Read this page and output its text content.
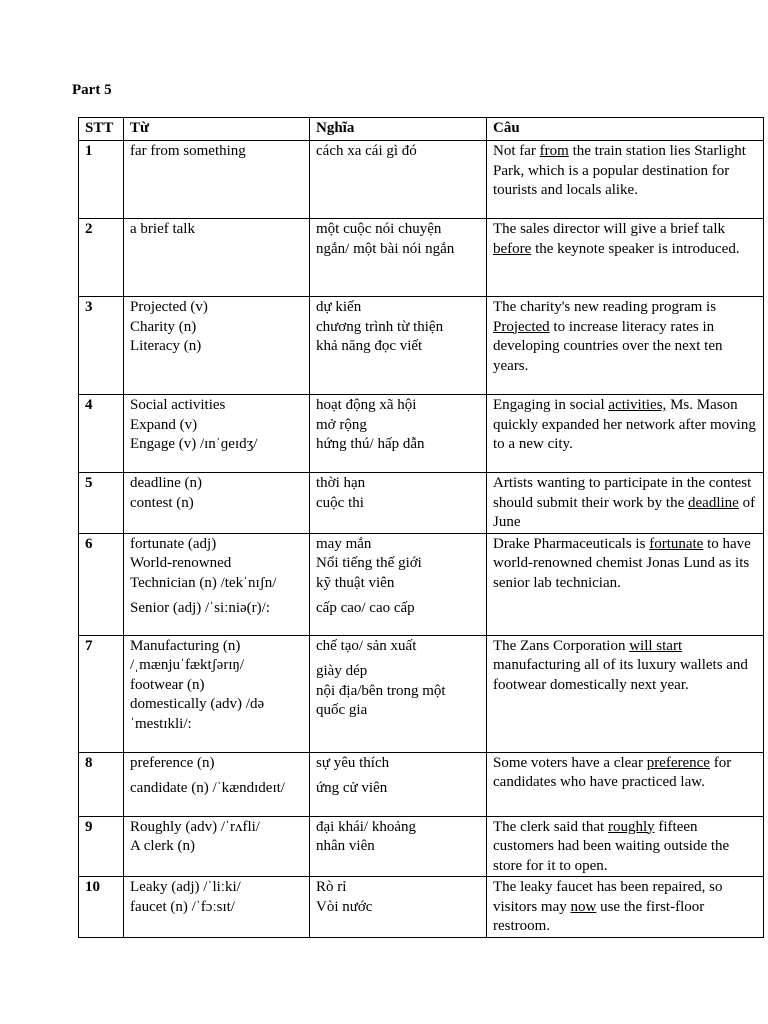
Part 5
STT	Từ	Nghĩa	Câu
1	far from something	cách xa cái gì đó	Not far from the train station lies Starlight Park, which is a popular destination for tourists and locals alike.
2	a brief talk	một cuộc nói chuyện
ngắn/ một bài nói ngắn	The sales director will give a brief talk before the keynote speaker is introduced.
3	Projected (v)
Charity (n)
Literacy (n)	dự kiến
chương trình từ thiện
khả năng đọc viết	The charity's new reading program is Projected to increase literacy rates in developing countries over the next ten years.
4	Social activities
Expand (v)
Engage (v) /ɪnˈɡeɪdʒ/	hoạt động xã hội
mở rộng
hứng thú/ hấp dẫn	Engaging in social activities, Ms. Mason quickly expanded her network after moving to a new city.
5	deadline (n)
contest (n)	thời hạn
cuộc thi	Artists wanting to participate in the contest should submit their work by the deadline of June
6	fortunate (adj)
World-renowned
Technician (n) /tekˈnɪʃn/
Senior (adj) /ˈsiːniə(r)/:	may mắn
Nổi tiếng thế giới
kỹ thuật viên
cấp cao/ cao cấp	Drake Pharmaceuticals is fortunate to have world-renowned chemist Jonas Lund as its senior lab technician.
7	Manufacturing (n)
/ˌmænjuˈfæktʃərɪŋ/
footwear (n)
domestically (adv) /də
ˈmestɪkli/:	chế tạo/ sản xuất
giày dép
nội địa/bên trong một
quốc gia	The Zans Corporation will start manufacturing all of its luxury wallets and footwear domestically next year.
8	preference (n)
candidate (n) /ˈkændɪdeɪt/	sự yêu thích
ứng cử viên	Some voters have a clear preference for candidates who have practiced law.
9	Roughly (adv) /ˈrʌfli/
A clerk (n)	đại khái/ khoảng
nhân viên	The clerk said that roughly fifteen customers had been waiting outside the store for it to open.
10	Leaky (adj) /ˈliːki/
faucet (n) /ˈfɔːsɪt/	Rò rỉ
Vòi nước	The leaky faucet has been repaired, so visitors may now use the first-floor restroom.
